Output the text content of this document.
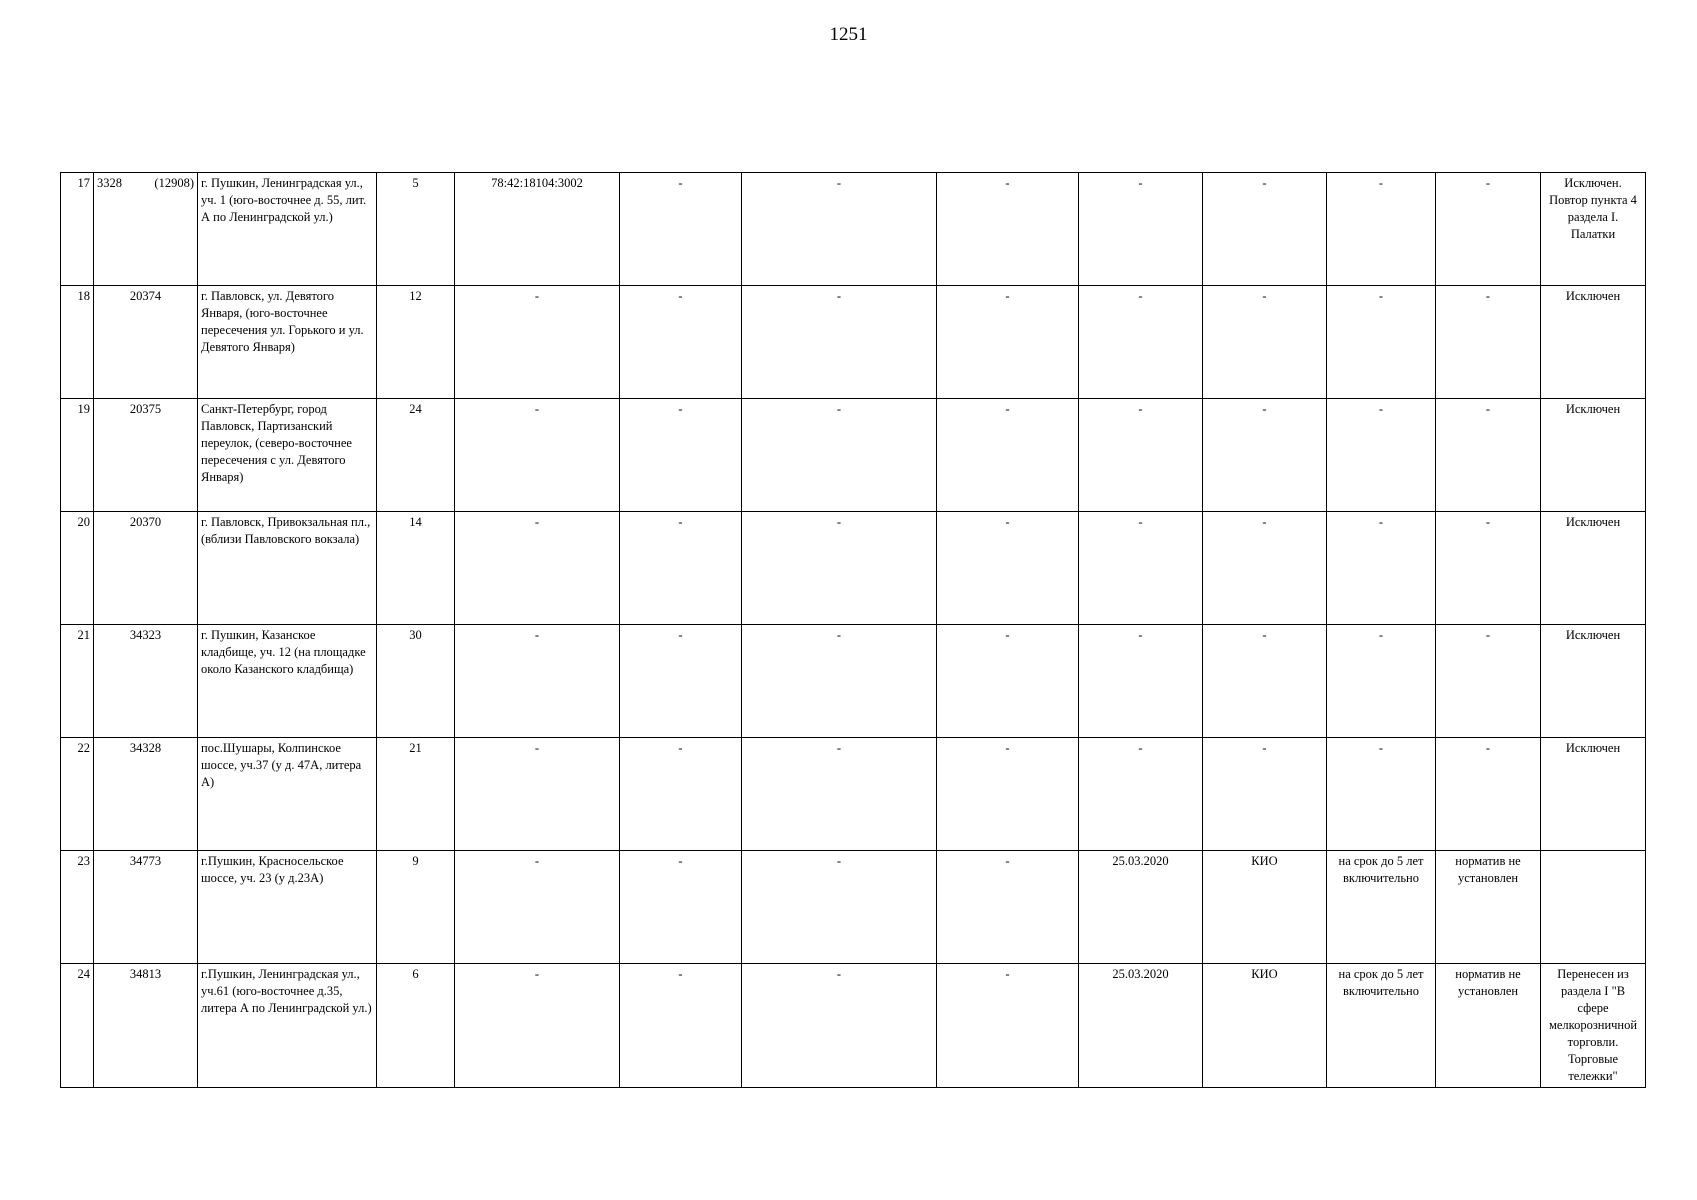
1251
17	3328 (12908)	г. Пушкин, Ленинградская ул., уч. 1 (юго-восточнее д. 55, лит. А по Ленинградской ул.)	5	78:42:18104:3002	-	-	-	-	-	-	-	Исключен. Повтор пункта 4 раздела I. Палатки
18	20374	г. Павловск, ул. Девятого Января, (юго-восточнее пересечения ул. Горького и ул. Девятого Января)	12	-	-	-	-	-	-	-	-	Исключен
19	20375	Санкт-Петербург, город Павловск, Партизанский переулок, (северо-восточнее пересечения с ул. Девятого Января)	24	-	-	-	-	-	-	-	-	Исключен
20	20370	г. Павловск, Привокзальная пл., (вблизи Павловского вокзала)	14	-	-	-	-	-	-	-	-	Исключен
21	34323	г. Пушкин, Казанское кладбище, уч. 12 (на площадке около Казанского кладбища)	30	-	-	-	-	-	-	-	-	Исключен
22	34328	пос.Шушары, Колпинское шоссе, уч.37 (у д. 47А, литера А)	21	-	-	-	-	-	-	-	-	Исключен
23	34773	г.Пушкин, Красносельское шоссе, уч. 23 (у д.23А)	9	-	-	-	-	25.03.2020	КИО	на срок до 5 лет включительно	норматив не установлен	
24	34813	г.Пушкин, Ленинградская ул., уч.61 (юго-восточнее д.35, литера А по Ленинградской ул.)	6	-	-	-	-	25.03.2020	КИО	на срок до 5 лет включительно	норматив не установлен	Перенесен из раздела I "В сфере мелкорозничной торговли. Торговые тележки"
